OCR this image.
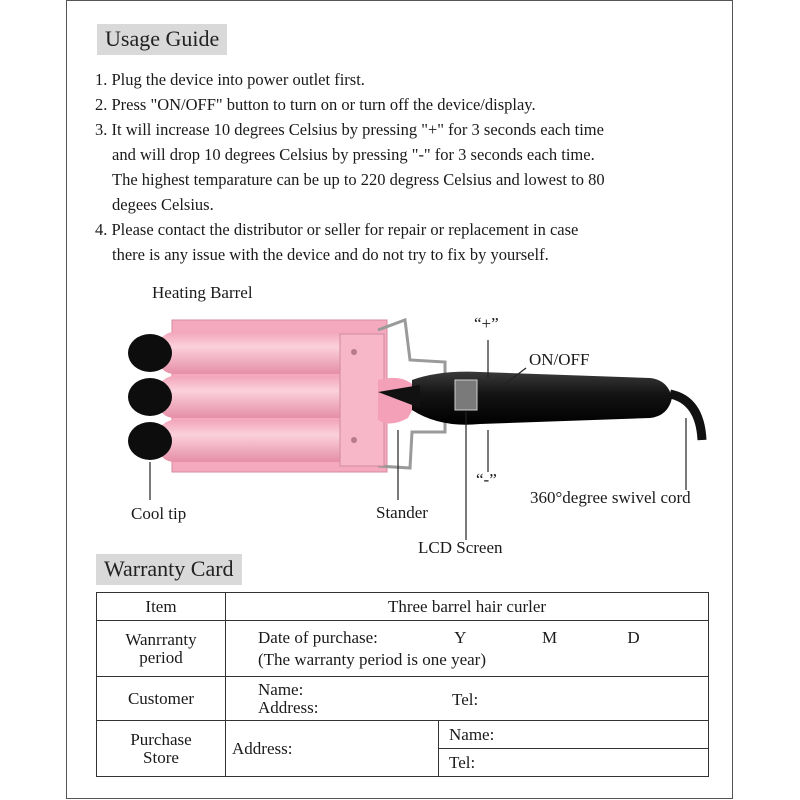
Usage Guide
1. Plug the device into power outlet first.
2. Press "ON/OFF" button to turn on or turn off the device/display.
3. It will increase 10 degrees Celsius by pressing "+" for 3 seconds each time
and will drop 10 degrees Celsius by pressing "-" for 3 seconds each time.
The highest temparature can be up to 220 degress Celsius and lowest to 80
degees Celsius.
4. Please contact the distributor or seller for repair or replacement in case
there is any issue with the device and do not try to fix by yourself.
Heating Barrel
“+”
ON/OFF
“-”
360°degree swivel cord
Cool tip	Stander
LCD Screen
Warranty Card
Item	Three barrel hair curler	
Wanrranty
period	Date of purchase: Y M D
(The warranty period is one year)	
Customer	Name:
Address: Tel:	

Purchase
Store	Address:	Name:
		Tel:
